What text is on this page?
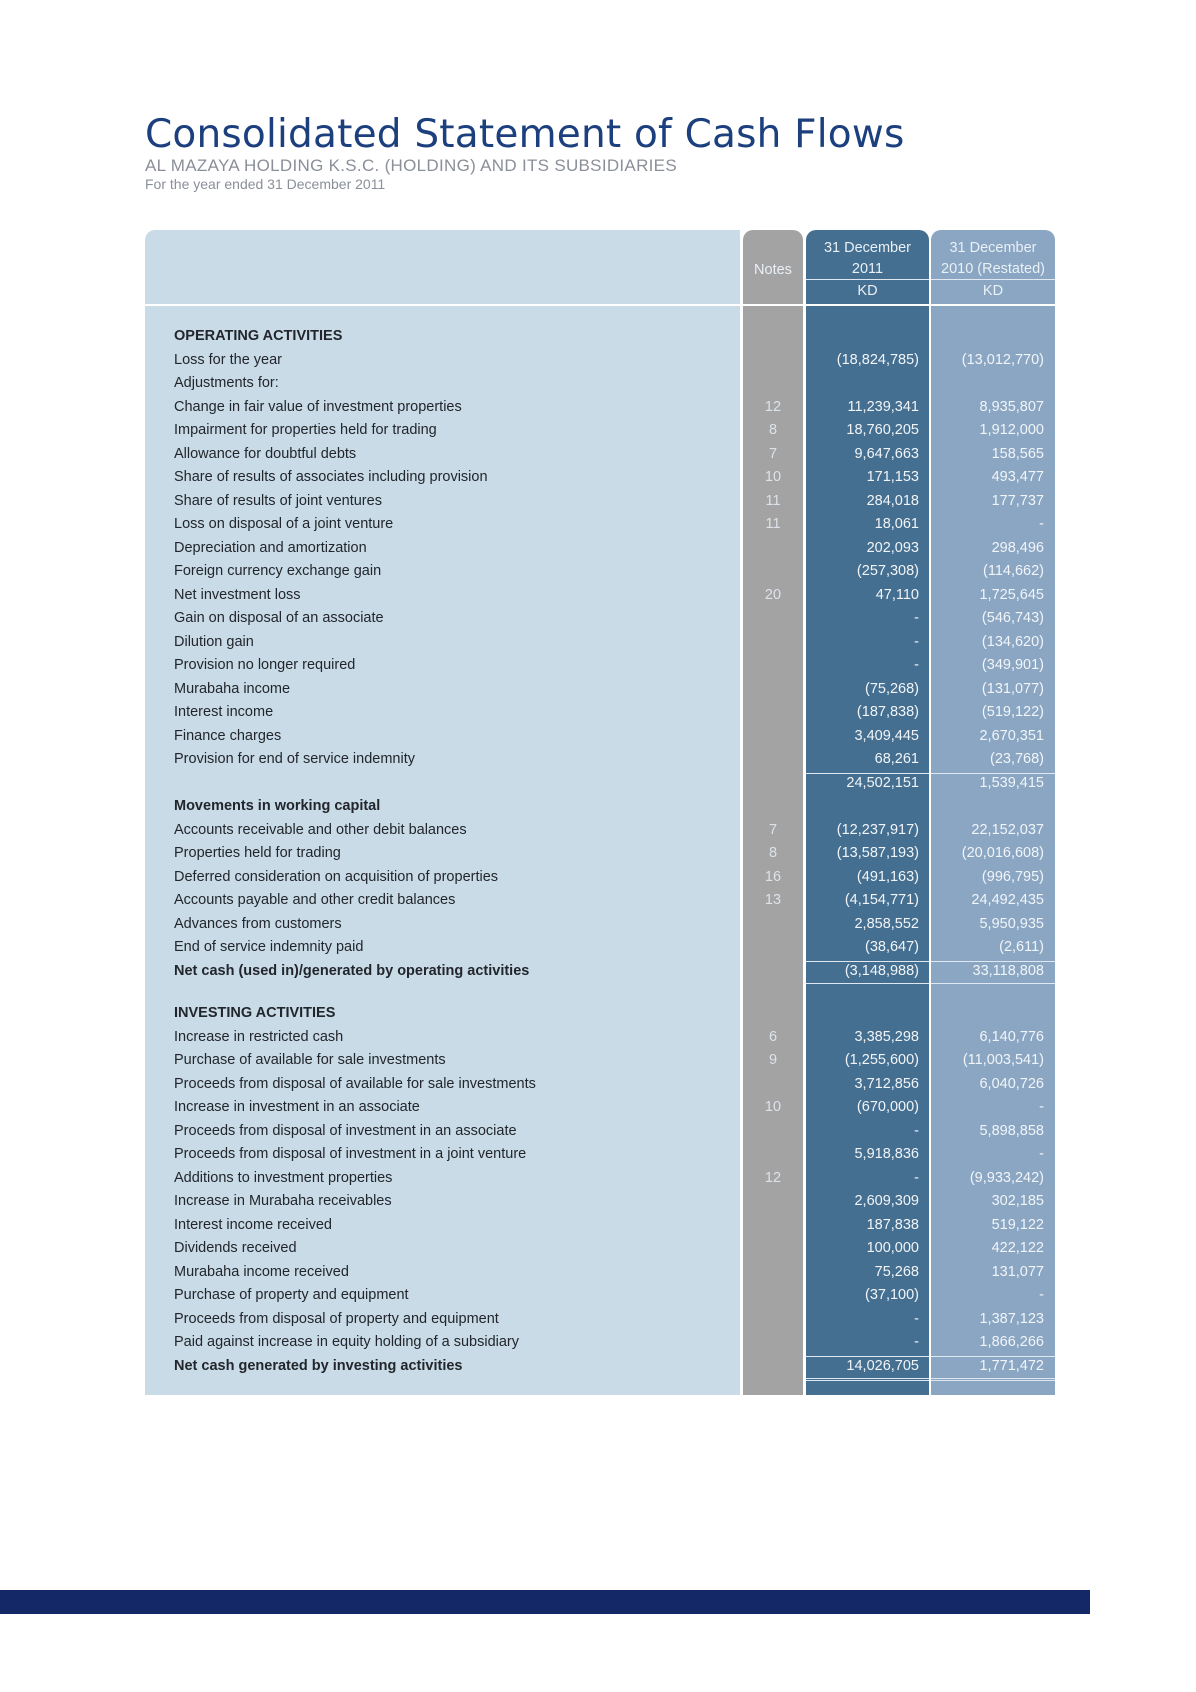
Consolidated Statement of Cash Flows
AL MAZAYA HOLDING K.S.C. (HOLDING) AND ITS SUBSIDIARIES
For the year ended 31 December 2011
Notes
31 December
2011
KD
31 December
2010 (Restated)
KD
OPERATING ACTIVITIES
Loss for the year	(18,824,785)	(13,012,770)
Adjustments for:
Change in fair value of investment properties	12	11,239,341	8,935,807
Impairment for properties held for trading	8	18,760,205	1,912,000
Allowance for doubtful debts	7	9,647,663	158,565
Share of results of associates including provision	10	171,153	493,477
Share of results of joint ventures	11	284,018	177,737
Loss on disposal of a joint venture	11	18,061	-
Depreciation and amortization	202,093	298,496
Foreign currency exchange gain	(257,308)	(114,662)
Net investment loss	20	47,110	1,725,645
Gain on disposal of an associate	-	(546,743)
Dilution gain	-	(134,620)
Provision no longer required	-	(349,901)
Murabaha income	(75,268)	(131,077)
Interest income	(187,838)	(519,122)
Finance charges	3,409,445	2,670,351
Provision for end of service indemnity	68,261	(23,768)
24,502,151	1,539,415
Movements in working capital
Accounts receivable and other debit balances	7	(12,237,917)	22,152,037
Properties held for trading	8	(13,587,193)	(20,016,608)
Deferred consideration on acquisition of properties	16	(491,163)	(996,795)
Accounts payable and other credit balances	13	(4,154,771)	24,492,435
Advances from customers	2,858,552	5,950,935
End of service indemnity paid	(38,647)	(2,611)
Net cash (used in)/generated by operating activities	(3,148,988)	33,118,808
INVESTING ACTIVITIES
Increase in restricted cash	6	3,385,298	6,140,776
Purchase of available for sale investments	9	(1,255,600)	(11,003,541)
Proceeds from disposal of available for sale investments	3,712,856	6,040,726
Increase in investment in an associate	10	(670,000)	-
Proceeds from disposal of investment in an associate	-	5,898,858
Proceeds from disposal of investment in a joint venture	5,918,836	-
Additions to investment properties	12	-	(9,933,242)
Increase in Murabaha receivables	2,609,309	302,185
Interest income received	187,838	519,122
Dividends received	100,000	422,122
Murabaha income received	75,268	131,077
Purchase of property and equipment	(37,100)	-
Proceeds from disposal of property and equipment	-	1,387,123
Paid against increase in equity holding of a subsidiary	-	1,866,266
Net cash generated by investing activities	14,026,705	1,771,472
